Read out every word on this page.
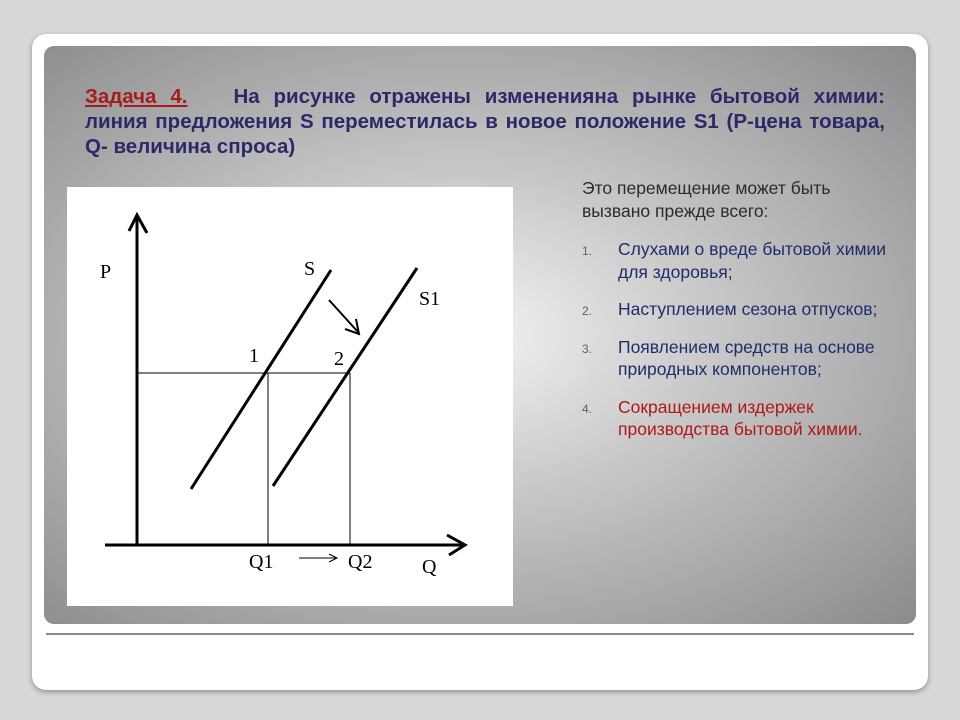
Задача 4. На рисунке отражены изменениянa рынке бытовой химии: линия предложения S переместилась в новое положение S1 (Р-цена товара, Q- величина спроса)
P	S
S1
1	2
Q1	Q2 Q
Это перемещение может быть вызвано прежде всего:
1. Слухами о вреде бытовой химии для здоровья;
2. Наступлением сезона отпусков;
3. Появлением средств на основе природных компонентов;
4. Сокращением издержек производства бытовой химии.
